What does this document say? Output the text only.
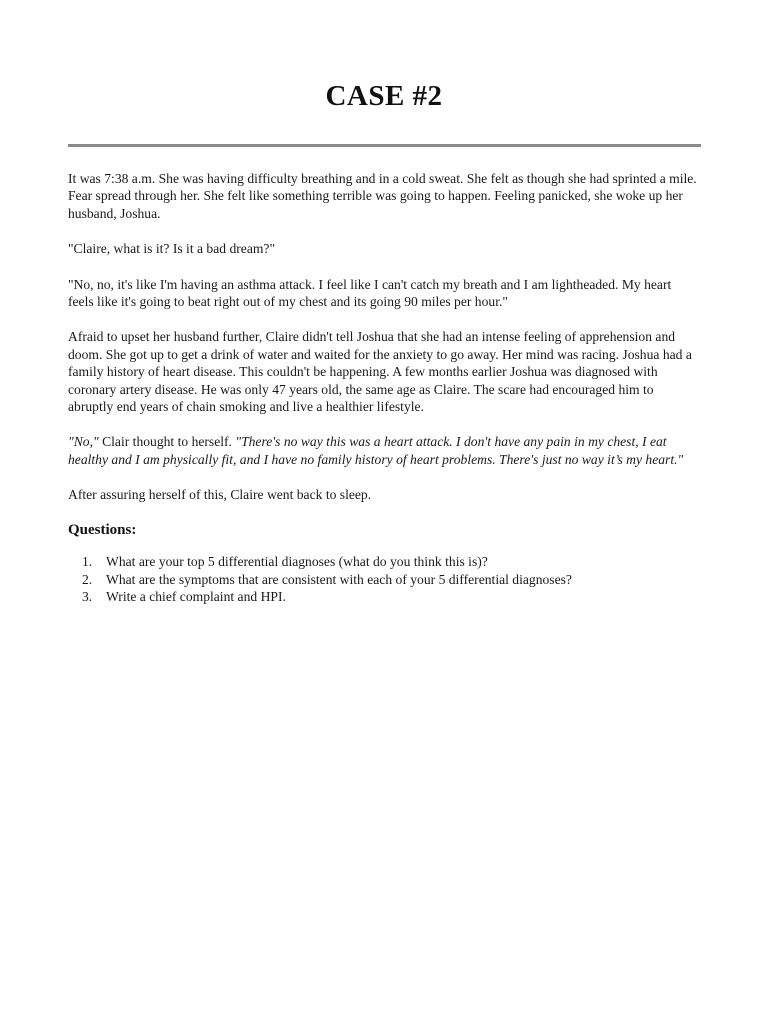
CASE #2

It was 7:38 a.m. She was having difficulty breathing and in a cold sweat. She felt as though she had sprinted a mile. Fear spread through her. She felt like something terrible was going to happen. Feeling panicked, she woke up her husband, Joshua.

"Claire, what is it? Is it a bad dream?"

"No, no, it's like I'm having an asthma attack. I feel like I can't catch my breath and I am lightheaded. My heart feels like it's going to beat right out of my chest and its going 90 miles per hour."

Afraid to upset her husband further, Claire didn't tell Joshua that she had an intense feeling of apprehension and doom. She got up to get a drink of water and waited for the anxiety to go away. Her mind was racing. Joshua had a family history of heart disease. This couldn't be happening. A few months earlier Joshua was diagnosed with coronary artery disease. He was only 47 years old, the same age as Claire. The scare had encouraged him to abruptly end years of chain smoking and live a healthier lifestyle.

"No," Clair thought to herself. "There's no way this was a heart attack. I don't have any pain in my chest, I eat healthy and I am physically fit, and I have no family history of heart problems. There's just no way it’s my heart."

After assuring herself of this, Claire went back to sleep.

Questions:
1.	What are your top 5 differential diagnoses (what do you think this is)?
2.	What are the symptoms that are consistent with each of your 5 differential diagnoses?
3.	Write a chief complaint and HPI.
